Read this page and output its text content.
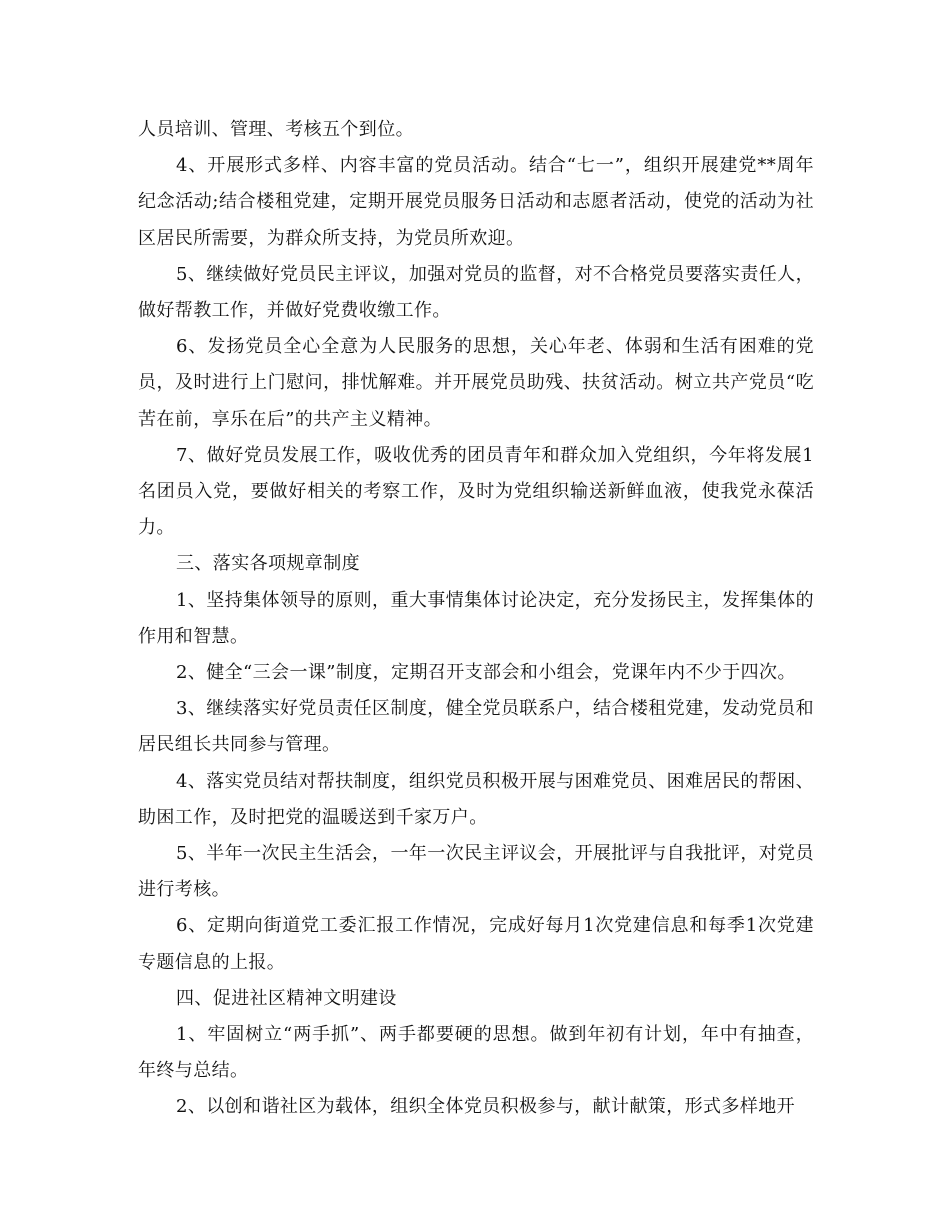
人员培训、管理、考核五个到位。

4、开展形式多样、内容丰富的党员活动。结合“七一”，组织开展建党**周年纪念活动;结合楼租党建，定期开展党员服务日活动和志愿者活动，使党的活动为社区居民所需要，为群众所支持，为党员所欢迎。

5、继续做好党员民主评议，加强对党员的监督，对不合格党员要落实责任人，做好帮教工作，并做好党费收缴工作。

6、发扬党员全心全意为人民服务的思想，关心年老、体弱和生活有困难的党员，及时进行上门慰问，排忧解难。并开展党员助残、扶贫活动。树立共产党员“吃苦在前，享乐在后”的共产主义精神。

7、做好党员发展工作，吸收优秀的团员青年和群众加入党组织，今年将发展1名团员入党，要做好相关的考察工作，及时为党组织输送新鲜血液，使我党永葆活力。

三、落实各项规章制度

1、坚持集体领导的原则，重大事情集体讨论决定，充分发扬民主，发挥集体的作用和智慧。

2、健全“三会一课”制度，定期召开支部会和小组会，党课年内不少于四次。

3、继续落实好党员责任区制度，健全党员联系户，结合楼租党建，发动党员和居民组长共同参与管理。

4、落实党员结对帮扶制度，组织党员积极开展与困难党员、困难居民的帮困、助困工作，及时把党的温暖送到千家万户。

5、半年一次民主生活会，一年一次民主评议会，开展批评与自我批评，对党员进行考核。

6、定期向街道党工委汇报工作情况，完成好每月1次党建信息和每季1次党建专题信息的上报。

四、促进社区精神文明建设

1、牢固树立“两手抓”、两手都要硬的思想。做到年初有计划，年中有抽查，年终与总结。

2、以创和谐社区为载体，组织全体党员积极参与，献计献策，形式多样地开
